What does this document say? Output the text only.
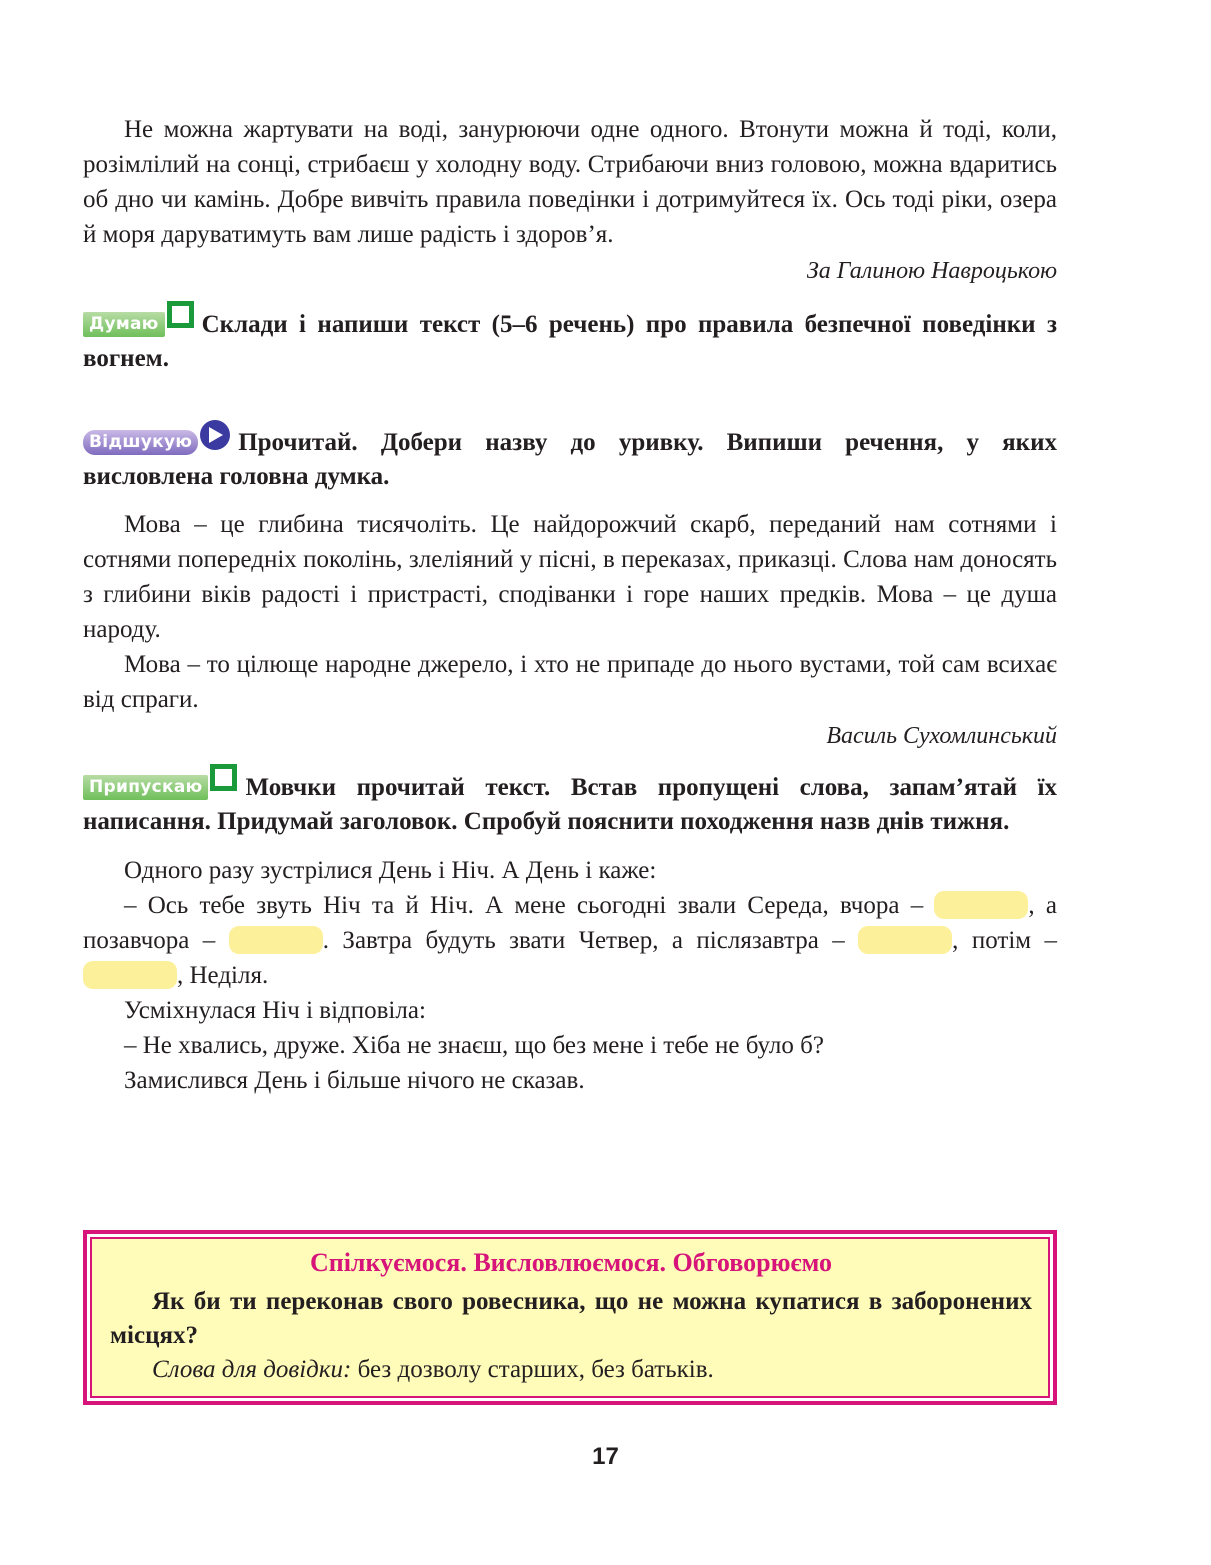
Не можна жартувати на воді, занурюючи одне одного. Втонути можна й тоді, коли, розімлілий на сонці, стрибаєш у холодну воду. Стрибаючи вниз головою, можна вдаритись об дно чи камінь. Добре вивчіть правила поведінки і дотримуйтеся їх. Ось тоді ріки, озера й моря даруватимуть вам лише радість і здоров’я.

За Галиною Навроцькою

Думаю Склади і напиши текст (5–6 речень) про правила безпечної поведінки з вогнем.
Відшукую Прочитай. Добери назву до уривку. Випиши речення, у яких висловлена головна думка.

Мова – це глибина тисячоліть. Це найдорожчий скарб, переданий нам сотнями і сотнями попередніх поколінь, злеліяний у пісні, в переказах, приказці. Слова нам доносять з глибини віків радості і пристрасті, сподіванки і горе наших предків. Мова – це душа народу.

Мова – то цілюще народне джерело, і хто не припаде до нього вустами, той сам всихає від спраги.

Василь Сухомлинський

Припускаю Мовчки прочитай текст. Встав пропущені слова, запам’ятай їх написання. Придумай заголовок. Спробуй пояснити походження назв днів тижня.

Одного разу зустрілися День і Ніч. А День і каже:

– Ось тебе звуть Ніч та й Ніч. А мене сьогодні звали Середа, вчора –	, а позавчора –	. Завтра будуть звати Четвер, а післязавтра –	, потім – , Неділя.

Усміхнулася Ніч і відповіла:

– Не хвались, друже. Хіба не знаєш, що без мене і тебе не було б?

Замислився День і більше нічого не сказав.

Спілкуємося. Висловлюємося. Обговорюємо
Як би ти переконав свого ровесника, що не можна купатися в заборонених місцях?
Слова для довідки: без дозволу старших, без батьків.
17
